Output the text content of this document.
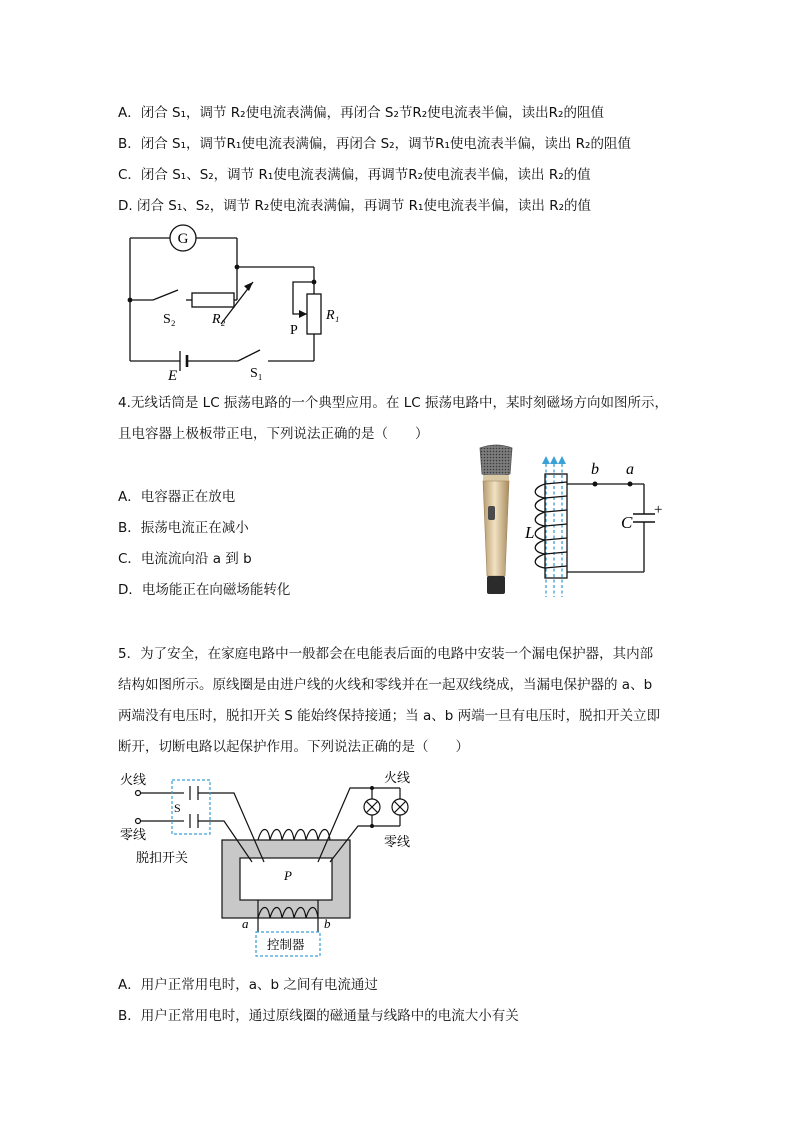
A．闭合 S₁，调节 R₂使电流表满偏，再闭合 S₂节R₂使电流表半偏，读出R₂的阻值
B．闭合 S₁，调节R₁使电流表满偏，再闭合 S₂，调节R₁使电流表半偏，读出 R₂的阻值
C．闭合 S₁、S₂，调节 R₁使电流表满偏，再调节R₂使电流表半偏，读出 R₂的值
D. 闭合 S₁、S₂，调节 R₂使电流表满偏，再调节 R₁使电流表半偏，读出 R₂的值
G
S₂	R₂	R₁
P
E	S₁
4.无线话筒是 LC 振荡电路的一个典型应用。在 LC 振荡电路中，某时刻磁场方向如图所示，
且电容器上极板带正电，下列说法正确的是（　　）
A．电容器正在放电
B．振荡电流正在减小
C．电流流向沿 a 到 b
D．电场能正在向磁场能转化
b a
L
C
+
5．为了安全，在家庭电路中一般都会在电能表后面的电路中安装一个漏电保护器，其内部
结构如图所示。原线圈是由进户线的火线和零线并在一起双线绕成，当漏电保护器的 a、b
两端没有电压时，脱扣开关 S 能始终保持接通；当 a、b 两端一旦有电压时，脱扣开关立即
断开，切断电路以起保护作用。下列说法正确的是（　　）
火线
零线
S
脱扣开关
火线
零线
P
a	b
控制器
A．用户正常用电时，a、b 之间有电流通过
B．用户正常用电时，通过原线圈的磁通量与线路中的电流大小有关
